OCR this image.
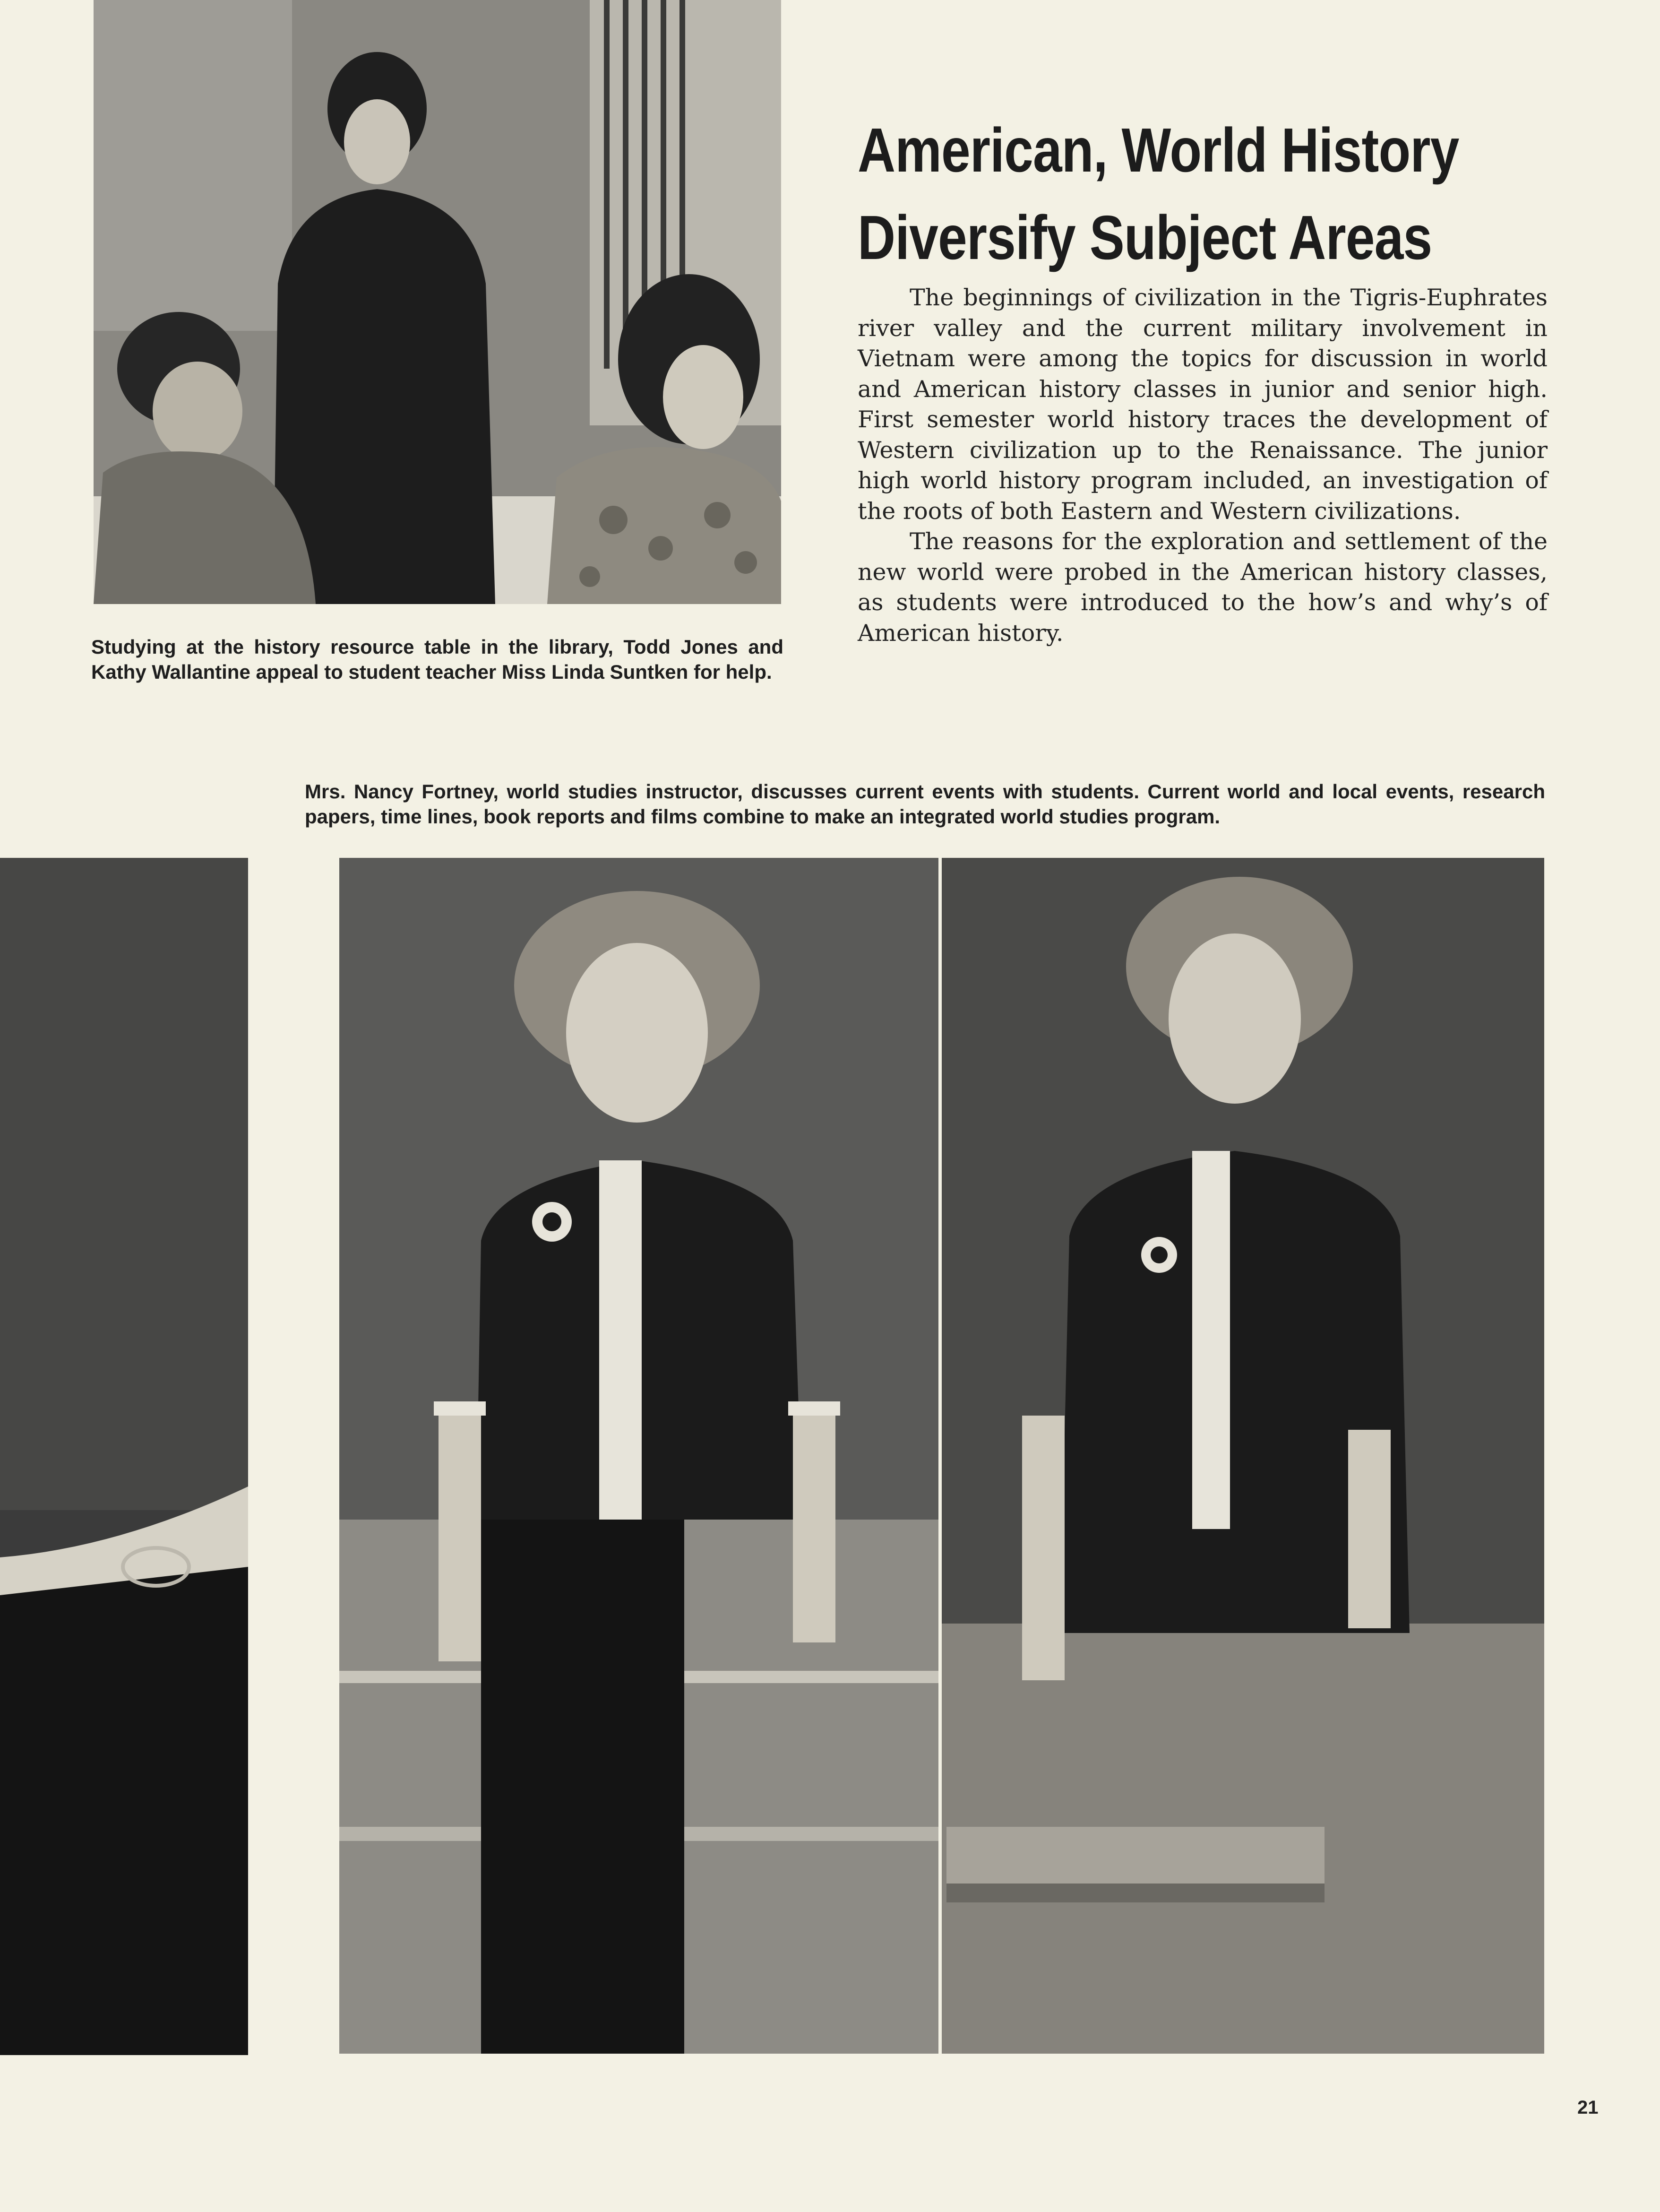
American, World History
Diversify Subject Areas

The beginnings of civilization in the Tigris-Euphrates river valley and the current military involvement in Vietnam were among the topics for discussion in world and American history classes in junior and senior high. First semester world history traces the development of Western civilization up to the Renaissance. The junior high world history program included, an investigation of the roots of both Eastern and Western civilizations.

The reasons for the exploration and settlement of the new world were probed in the American history classes, as students were introduced to the how’s and why’s of American history.

Studying at the history resource table in the library, Todd Jones and Kathy Wallantine appeal to student teacher Miss Linda Suntken for help.
Mrs. Nancy Fortney, world studies instructor, discusses current events with students. Current world and local events, research papers, time lines, book reports and films combine to make an integrated world studies program.
21
